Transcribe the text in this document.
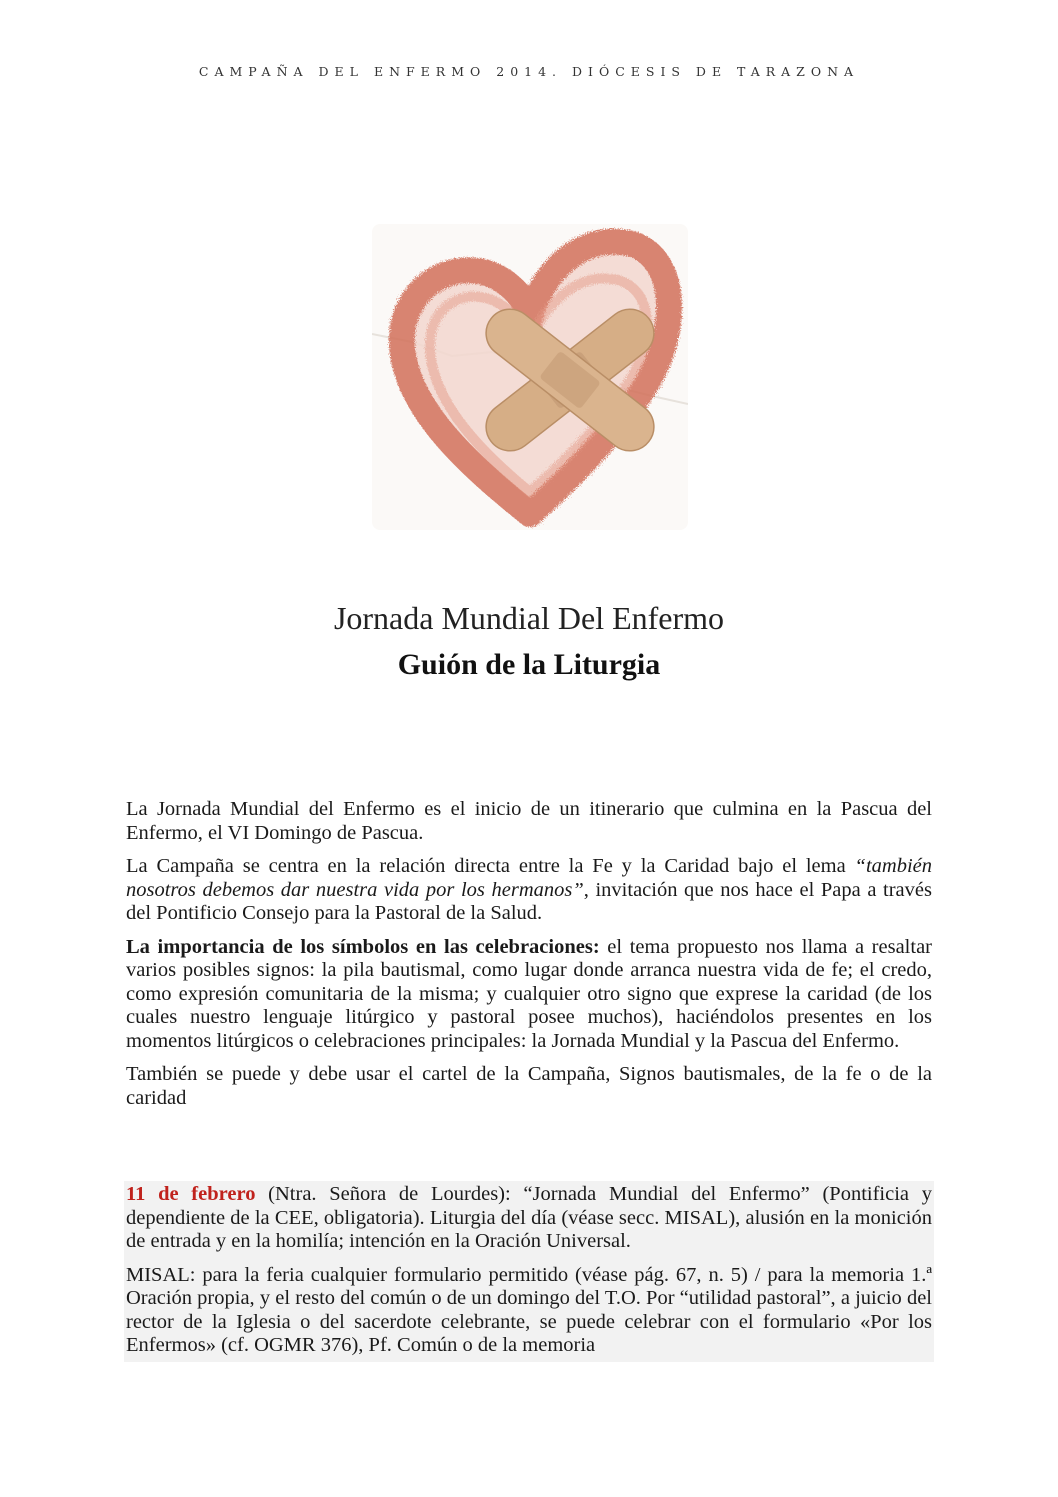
CAMPAÑA DEL ENFERMO 2014. DIÓCESIS DE TARAZONA
Jornada Mundial Del Enfermo
Guión de la Liturgia

La Jornada Mundial del Enfermo es el inicio de un itinerario que culmina en la Pascua del Enfermo, el VI Domingo de Pascua.

La Campaña se centra en la relación directa entre la Fe y la Caridad bajo el lema “también nosotros debemos dar nuestra vida por los hermanos”, invitación que nos hace el Papa a través del Pontificio Consejo para la Pastoral de la Salud.

La importancia de los símbolos en las celebraciones: el tema propuesto nos llama a resaltar varios posibles signos: la pila bautismal, como lugar donde arranca nuestra vida de fe; el credo, como expresión comunitaria de la misma; y cualquier otro signo que exprese la caridad (de los cuales nuestro lenguaje litúrgico y pastoral posee muchos), haciéndolos presentes en los momentos litúrgicos o celebraciones principales: la Jornada Mundial y la Pascua del Enfermo.

También se puede y debe usar el cartel de la Campaña, Signos bautismales, de la fe o de la caridad

11 de febrero (Ntra. Señora de Lourdes): “Jornada Mundial del Enfermo” (Pontificia y dependiente de la CEE, obligatoria). Liturgia del día (véase secc. MISAL), alusión en la monición de entrada y en la homilía; intención en la Oración Universal.

MISAL: para la feria cualquier formulario permitido (véase pág. 67, n. 5) / para la memoria 1.ª Oración propia, y el resto del común o de un domingo del T.O. Por “utilidad pastoral”, a juicio del rector de la Iglesia o del sacerdote celebrante, se puede celebrar con el formulario «Por los Enfermos» (cf. OGMR 376), Pf. Común o de la memoria
